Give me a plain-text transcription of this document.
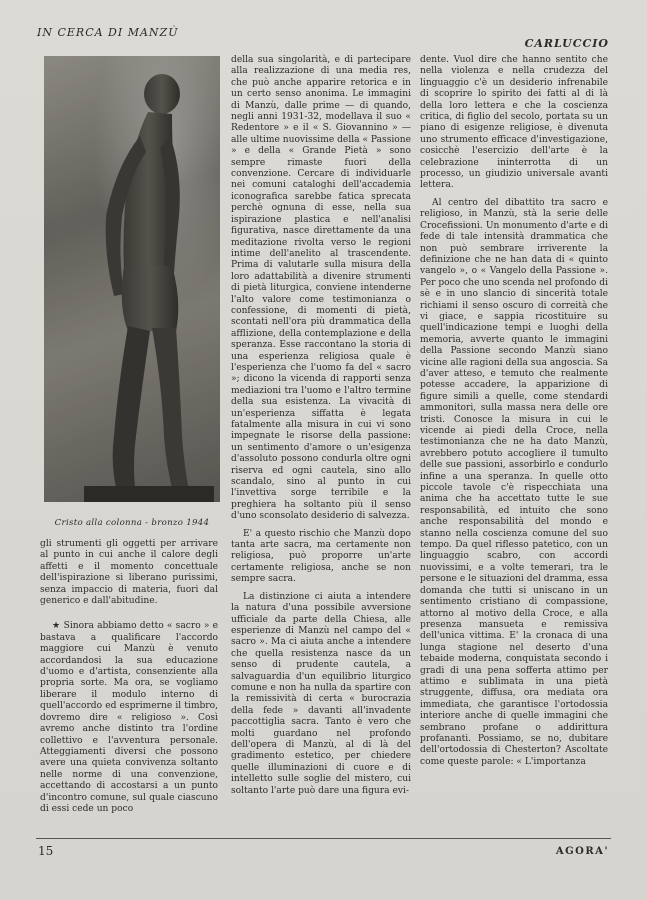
IN CERCA DI MANZÙ
CARLUCCIO
Cristo alla colonna - bronzo 1944

gli strumenti gli oggetti per arrivare al punto in cui anche il calore degli affetti e il momento concettuale dell'ispirazione si liberano purissimi, senza impaccio di materia, fuori dal generico e dall'abitudine.

★ Sinora abbiamo detto « sacro » e bastava a qualificare l'accordo maggiore cui Manzù è venuto accordandosi la sua educazione d'uomo e d'artista, consenziente alla propria sorte. Ma ora, se vogliamo liberare il modulo interno di quell'accordo ed esprimerne il timbro, dovremo dire « religioso ». Così avremo anche distinto tra l'ordine collettivo e l'avventura personale. Atteggiamenti diversi che possono avere una quieta convivenza soltanto nelle norme di una convenzione, accettando di accostarsi a un punto d'incontro comune, sul quale ciascuno di essi cede un poco

della sua singolarità, e di partecipare alla realizzazione di una media res, che può anche apparire retorica e in un certo senso anonima. Le immagini di Manzù, dalle prime — di quando, negli anni 1931-32, modellava il suo « Redentore » e il « S. Giovannino » — alle ultime nuovissime della « Passione » e della « Grande Pietà » sono sempre rimaste fuori della convenzione. Cercare di individuarle nei comuni cataloghi dell'accademia iconografica sarebbe fatica sprecata perchè ognuna di esse, nella sua ispirazione plastica e nell'analisi figurativa, nasce direttamente da una meditazione rivolta verso le regioni intime dell'anelito al trascendente. Prima di valutarle sulla misura della loro adattabilità a divenire strumenti di pietà liturgica, conviene intenderne l'alto valore come testimonianza o confessione, di momenti di pietà, scontati nell'ora più drammatica della afflizione, della contemplazione e della speranza. Esse raccontano la storia di una esperienza religiosa quale è l'esperienza che l'uomo fa del « sacro »; dicono la vicenda di rapporti senza mediazioni tra l'uomo e l'altro termine della sua esistenza. La vivacità di un'esperienza siffatta è legata fatalmente alla misura in cui vi sono impegnate le risorse della passione: un sentimento d'amore o un'esigenza d'assoluto possono condurla oltre ogni riserva ed ogni cautela, sino allo scandalo, sino al punto in cui l'invettiva sorge terribile e la preghiera ha soltanto più il senso d'uno sconsolato desiderio di salvezza.

E' a questo rischio che Manzù dopo tanta arte sacra, ma certamente non religiosa, può proporre un'arte certamente religiosa, anche se non sempre sacra.

La distinzione ci aiuta a intendere la natura d'una possibile avversione ufficiale da parte della Chiesa, alle esperienze di Manzù nel campo del « sacro ». Ma ci aiuta anche a intendere che quella resistenza nasce da un senso di prudente cautela, a salvaguardia d'un equilibrio liturgico comune e non ha nulla da spartire con la remissività di certa « burocrazia della fede » davanti all'invadente paccottiglia sacra. Tanto è vero che molti guardano nel profondo dell'opera di Manzù, al di là del gradimento estetico, per chiedere quelle illuminazioni di cuore e di intelletto sulle soglie del mistero, cui soltanto l'arte può dare una figura evi-

dente. Vuol dire che hanno sentito che nella violenza e nella crudezza del linguaggio c'è un desiderio infrenabile di scoprire lo spirito dei fatti al di là della loro lettera e che la coscienza critica, di figlio del secolo, portata su un piano di esigenze religiose, è divenuta uno strumento efficace d'investigazione, cosicchè l'esercizio dell'arte è la celebrazione ininterrotta di un processo, un giudizio universale avanti lettera.

Al centro del dibattito tra sacro e religioso, in Manzù, stà la serie delle Crocefissioni. Un monumento d'arte e di fede di tale intensità drammatica che non può sembrare irriverente la definizione che ne han data di « quinto vangelo », o « Vangelo della Passione ». Per poco che uno scenda nel profondo di sè e in uno slancio di sincerità totale richiami il senso oscuro di correità che vi giace, e sappia ricostituire su quell'indicazione tempi e luoghi della memoria, avverte quanto le immagini della Passione secondo Manzù siano vicine alle ragioni della sua angoscia. Sa d'aver atteso, e temuto che realmente potesse accadere, la apparizione di figure simili a quelle, come stendardi ammonitori, sulla massa nera delle ore tristi. Conosce la misura in cui le vicende ai piedi della Croce, nella testimonianza che ne ha dato Manzù, avrebbero potuto accogliere il tumulto delle sue passioni, assorbirlo e condurlo infine a una speranza. In quelle otto piccole tavole c'è rispecchiata una anima che ha accettato tutte le sue responsabilità, ed intuito che sono anche responsabilità del mondo e stanno nella coscienza comune del suo tempo. Da quel riflesso patetico, con un linguaggio scabro, con accordi nuovissimi, e a volte temerari, tra le persone e le situazioni del dramma, essa domanda che tutti si uniscano in un sentimento cristiano di compassione, attorno al motivo della Croce, e alla presenza mansueta e remissiva dell'unica vittima. E' la cronaca di una lunga stagione nel deserto d'una tebaide moderna, conquistata secondo i gradi di una pena sofferta attimo per attimo e sublimata in una pietà struggente, diffusa, ora mediata ora immediata, che garantisce l'ortodossia interiore anche di quelle immagini che sembrano profane o addirittura profananti. Possiamo, se no, dubitare dell'ortodossia di Chesterton? Ascoltate come queste parole: « L'importanza

15	AGORA'
